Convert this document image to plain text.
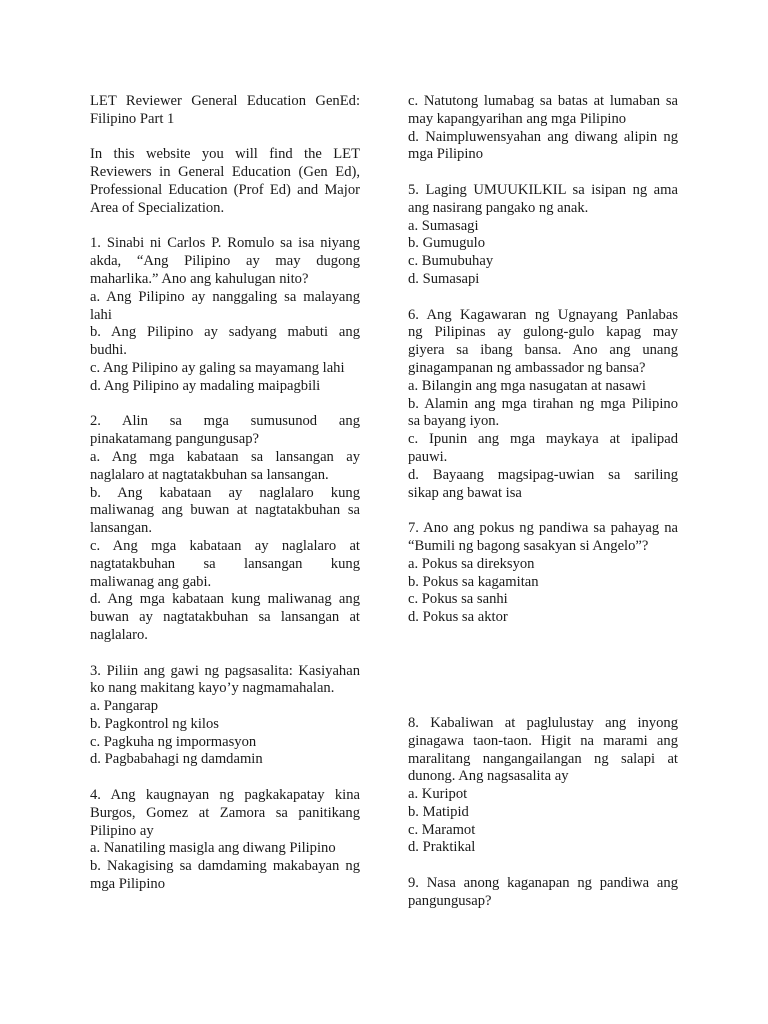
LET Reviewer General Education GenEd:
Filipino Part 1
In this website you will find the LET
Reviewers in General Education (Gen Ed),
Professional Education (Prof Ed) and Major
Area of Specialization.
1. Sinabi ni Carlos P. Romulo sa isa niyang
akda, “Ang Pilipino ay may dugong
maharlika.” Ano ang kahulugan nito?
a. Ang Pilipino ay nanggaling sa malayang
lahi
b. Ang Pilipino ay sadyang mabuti ang
budhi.
c. Ang Pilipino ay galing sa mayamang lahi
d. Ang Pilipino ay madaling maipagbili
2. Alin sa mga sumusunod ang
pinakatamang pangungusap?
a. Ang mga kabataan sa lansangan ay
naglalaro at nagtatakbuhan sa lansangan.
b. Ang kabataan ay naglalaro kung
maliwanag ang buwan at nagtatakbuhan sa
lansangan.
c. Ang mga kabataan ay naglalaro at
nagtatakbuhan sa lansangan kung
maliwanag ang gabi.
d. Ang mga kabataan kung maliwanag ang
buwan ay nagtatakbuhan sa lansangan at
naglalaro.
3. Piliin ang gawi ng pagsasalita: Kasiyahan
ko nang makitang kayo’y nagmamahalan.
a. Pangarap
b. Pagkontrol ng kilos
c. Pagkuha ng impormasyon
d. Pagbabahagi ng damdamin
4. Ang kaugnayan ng pagkakapatay kina
Burgos, Gomez at Zamora sa panitikang
Pilipino ay
a. Nanatiling masigla ang diwang Pilipino
b. Nakagising sa damdaming makabayan ng
mga Pilipino
c. Natutong lumabag sa batas at lumaban sa
may kapangyarihan ang mga Pilipino
d. Naimpluwensyahan ang diwang alipin ng
mga Pilipino
5. Laging UMUUKILKIL sa isipan ng ama
ang nasirang pangako ng anak.
a. Sumasagi
b. Gumugulo
c. Bumubuhay
d. Sumasapi
6. Ang Kagawaran ng Ugnayang Panlabas
ng Pilipinas ay gulong-gulo kapag may
giyera sa ibang bansa. Ano ang unang
ginagampanan ng ambassador ng bansa?
a. Bilangin ang mga nasugatan at nasawi
b. Alamin ang mga tirahan ng mga Pilipino
sa bayang iyon.
c. Ipunin ang mga maykaya at ipalipad
pauwi.
d. Bayaang magsipag-uwian sa sariling
sikap ang bawat isa
7. Ano ang pokus ng pandiwa sa pahayag na
“Bumili ng bagong sasakyan si Angelo”?
a. Pokus sa direksyon
b. Pokus sa kagamitan
c. Pokus sa sanhi
d. Pokus sa aktor
8. Kabaliwan at paglulustay ang inyong
ginagawa taon-taon. Higit na marami ang
maralitang nangangailangan ng salapi at
dunong. Ang nagsasalita ay
a. Kuripot
b. Matipid
c. Maramot
d. Praktikal
9. Nasa anong kaganapan ng pandiwa ang
pangungusap?
